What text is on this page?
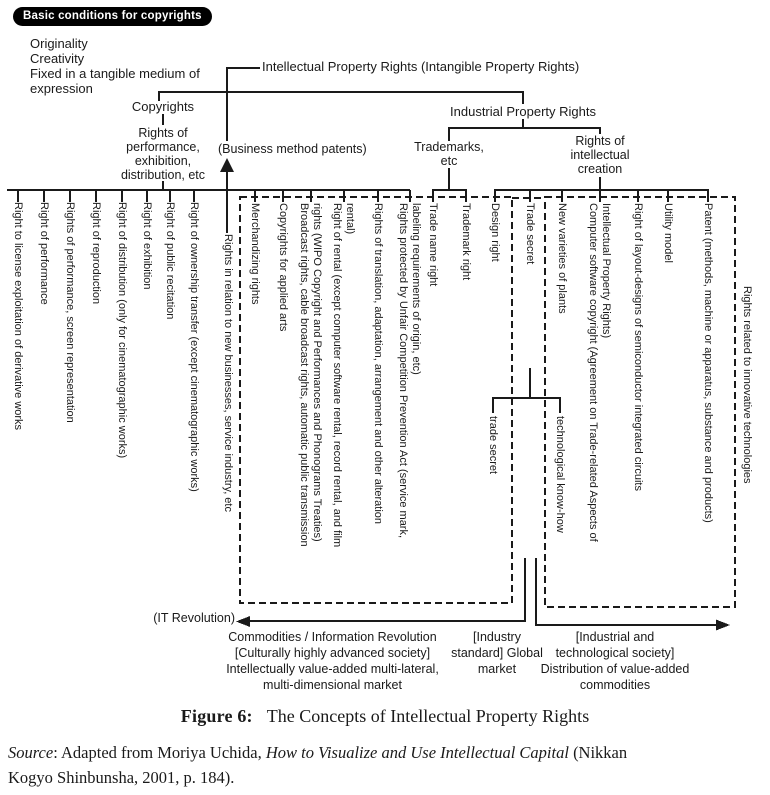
Basic conditions for copyrights
Originality
Creativity
Fixed in a tangible medium of
expression
Intellectual Property Rights (Intangible Property Rights)
Copyrights
Rights of
performance,
exhibition,
distribution, etc
(Business method patents)
Industrial Property Rights
Trademarks,
etc
Rights of
intellectual
creation
Right to license exploitation of derivative works Right of performance Rights of performance, screen representation Right of reproduction Right of distribution (only for cinematographic works) Right of exhibition Right of public recitation Right of ownership transfer (except cinematographic works) Rights in relation to new businesses, service industry, etc Merchandizing rights Copyrights for applied arts Broadcast rights, cable broadcast rights, automatic public transmission rights (WIPO Copyright and Performances and Phonograms Treaties) Right of rental (except computer software rental, record rental, and film rental) Rights of translation, adaptation, arrangement and other alteration Rights protected by Unfair Competition Prevention Act (service mark, labeling requirements of origin, etc) Trade name right Trademark right Design right Trade secret
trade secret	technological know-how
New varieties of plants Computer software copyright (Agreement on Trade-related Aspects of Intellectual Property Rights) Right of layout-designs of semiconductor integrated circuits Utility model	Patent (methods, machine or apparatus, substance and products) Rights related to innovative technologies
(IT Revolution)
Commodities / Information Revolution
[Culturally highly advanced society]
Intellectually value-added multi-lateral,
multi-dimensional market
[Industry
standard] Global
market
[Industrial and
technological society]
Distribution of value-added
commodities
Figure 6: The Concepts of Intellectual Property Rights
Source: Adapted from Moriya Uchida, How to Visualize and Use Intellectual Capital (Nikkan
Kogyo Shinbunsha, 2001, p. 184).
